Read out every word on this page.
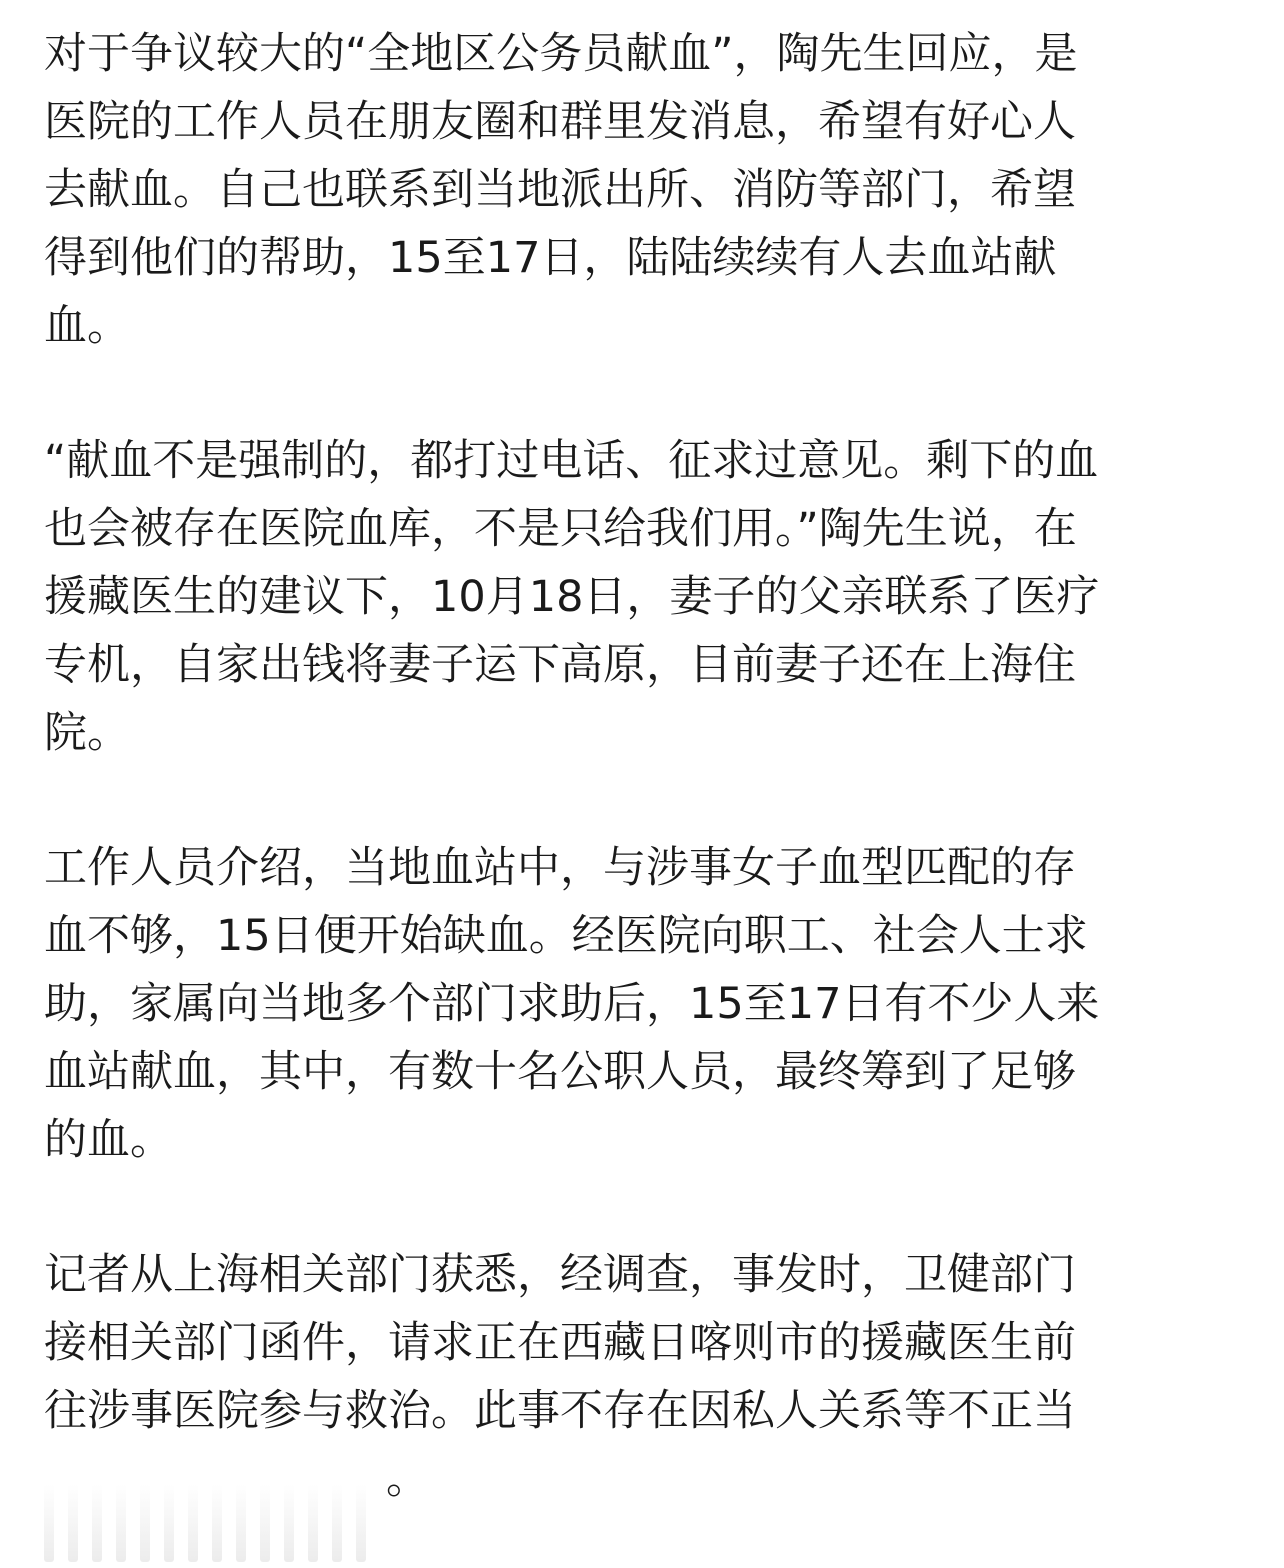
对于争议较大的“全地区公务员献血”，陶先生回应，是
医院的工作人员在朋友圈和群里发消息，希望有好心人
去献血。自己也联系到当地派出所、消防等部门，希望
得到他们的帮助，15至17日，陆陆续续有人去血站献
血。
“献血不是强制的，都打过电话、征求过意见。剩下的血
也会被存在医院血库，不是只给我们用。”陶先生说，在
援藏医生的建议下，10月18日，妻子的父亲联系了医疗
专机，自家出钱将妻子运下高原，目前妻子还在上海住
院。
工作人员介绍，当地血站中，与涉事女子血型匹配的存
血不够，15日便开始缺血。经医院向职工、社会人士求
助，家属向当地多个部门求助后，15至17日有不少人来
血站献血，其中，有数十名公职人员，最终筹到了足够
的血。
记者从上海相关部门获悉，经调查，事发时，卫健部门
接相关部门函件，请求正在西藏日喀则市的援藏医生前
往涉事医院参与救治。此事不存在因私人关系等不正当
。
